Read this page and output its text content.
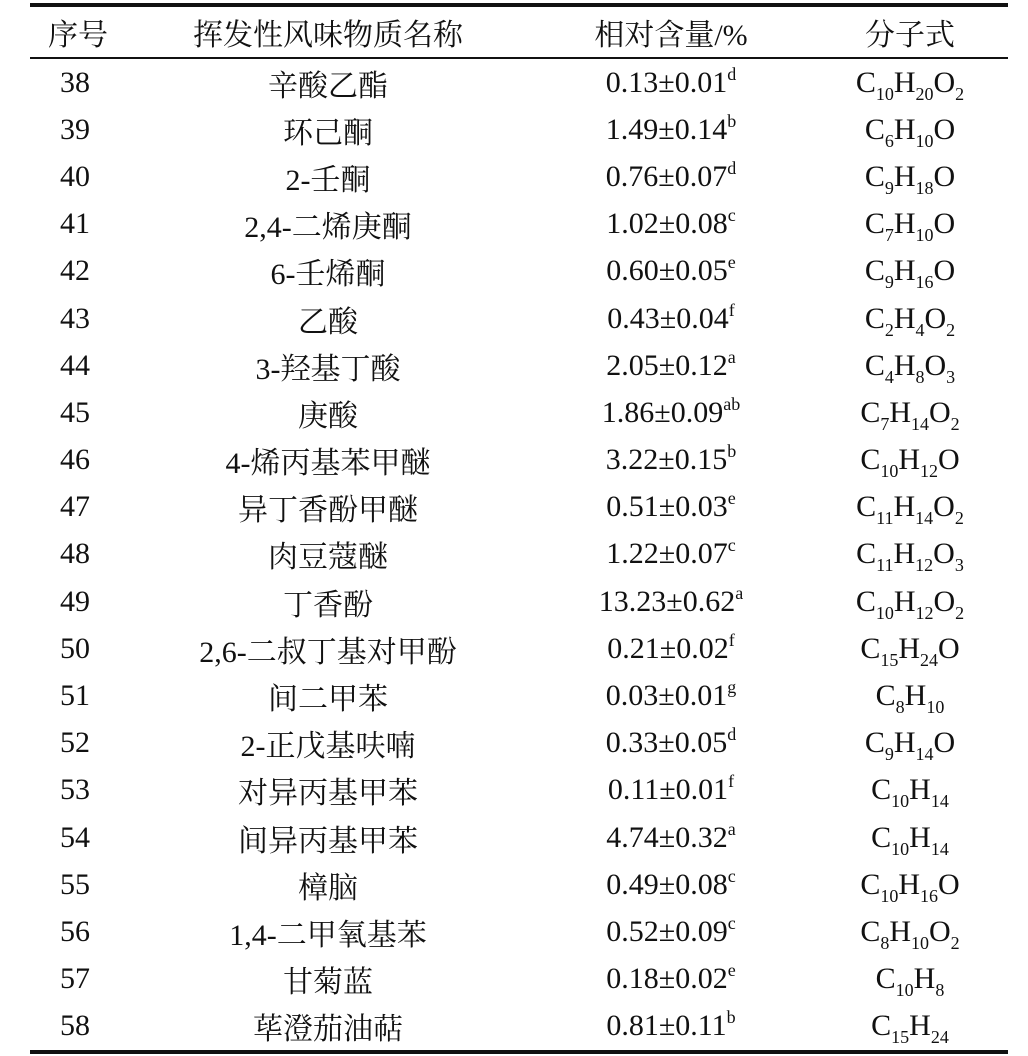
序号	挥发性风味物质名称	相对含量/%	分子式
38	辛酸乙酯	0.13±0.01$^d$	$C_{10}H_{20}O_2$
39	环己酮	1.49±0.14$^b$	$C_6H_{10}O$
40	2-壬酮	0.76±0.07$^d$	$C_9H_{18}O$
41	2,4-二烯庚酮	1.02±0.08$^c$	$C_7H_{10}O$
42	6-壬烯酮	0.60±0.05$^e$	$C_9H_{16}O$
43	乙酸	0.43±0.04$^f$	$C_2H_4O_2$
44	3-羟基丁酸	2.05±0.12$^a$	$C_4H_8O_3$
45	庚酸	1.86±0.09$^{ab}$	$C_7H_{14}O_2$
46	4-烯丙基苯甲醚	3.22±0.15$^b$	$C_{10}H_{12}O$
47	异丁香酚甲醚	0.51±0.03$^e$	$C_{11}H_{14}O_2$
48	肉豆蔻醚	1.22±0.07$^c$	$C_{11}H_{12}O_3$
49	丁香酚	13.23±0.62$^a$	$C_{10}H_{12}O_2$
50	2,6-二叔丁基对甲酚	0.21±0.02$^f$	$C_{15}H_{24}O$
51	间二甲苯	0.03±0.01$^g$	$C_8H_{10}$
52	2-正戊基呋喃	0.33±0.05$^d$	$C_9H_{14}O$
53	对异丙基甲苯	0.11±0.01$^f$	$C_{10}H_{14}$
54	间异丙基甲苯	4.74±0.32$^a$	$C_{10}H_{14}$
55	樟脑	0.49±0.08$^c$	$C_{10}H_{16}O$
56	1,4-二甲氧基苯	0.52±0.09$^c$	$C_8H_{10}O_2$
57	甘菊蓝	0.18±0.02$^e$	$C_{10}H_8$
58	荜澄茄油萜	0.81±0.11$^b$	$C_{15}H_{24}$
